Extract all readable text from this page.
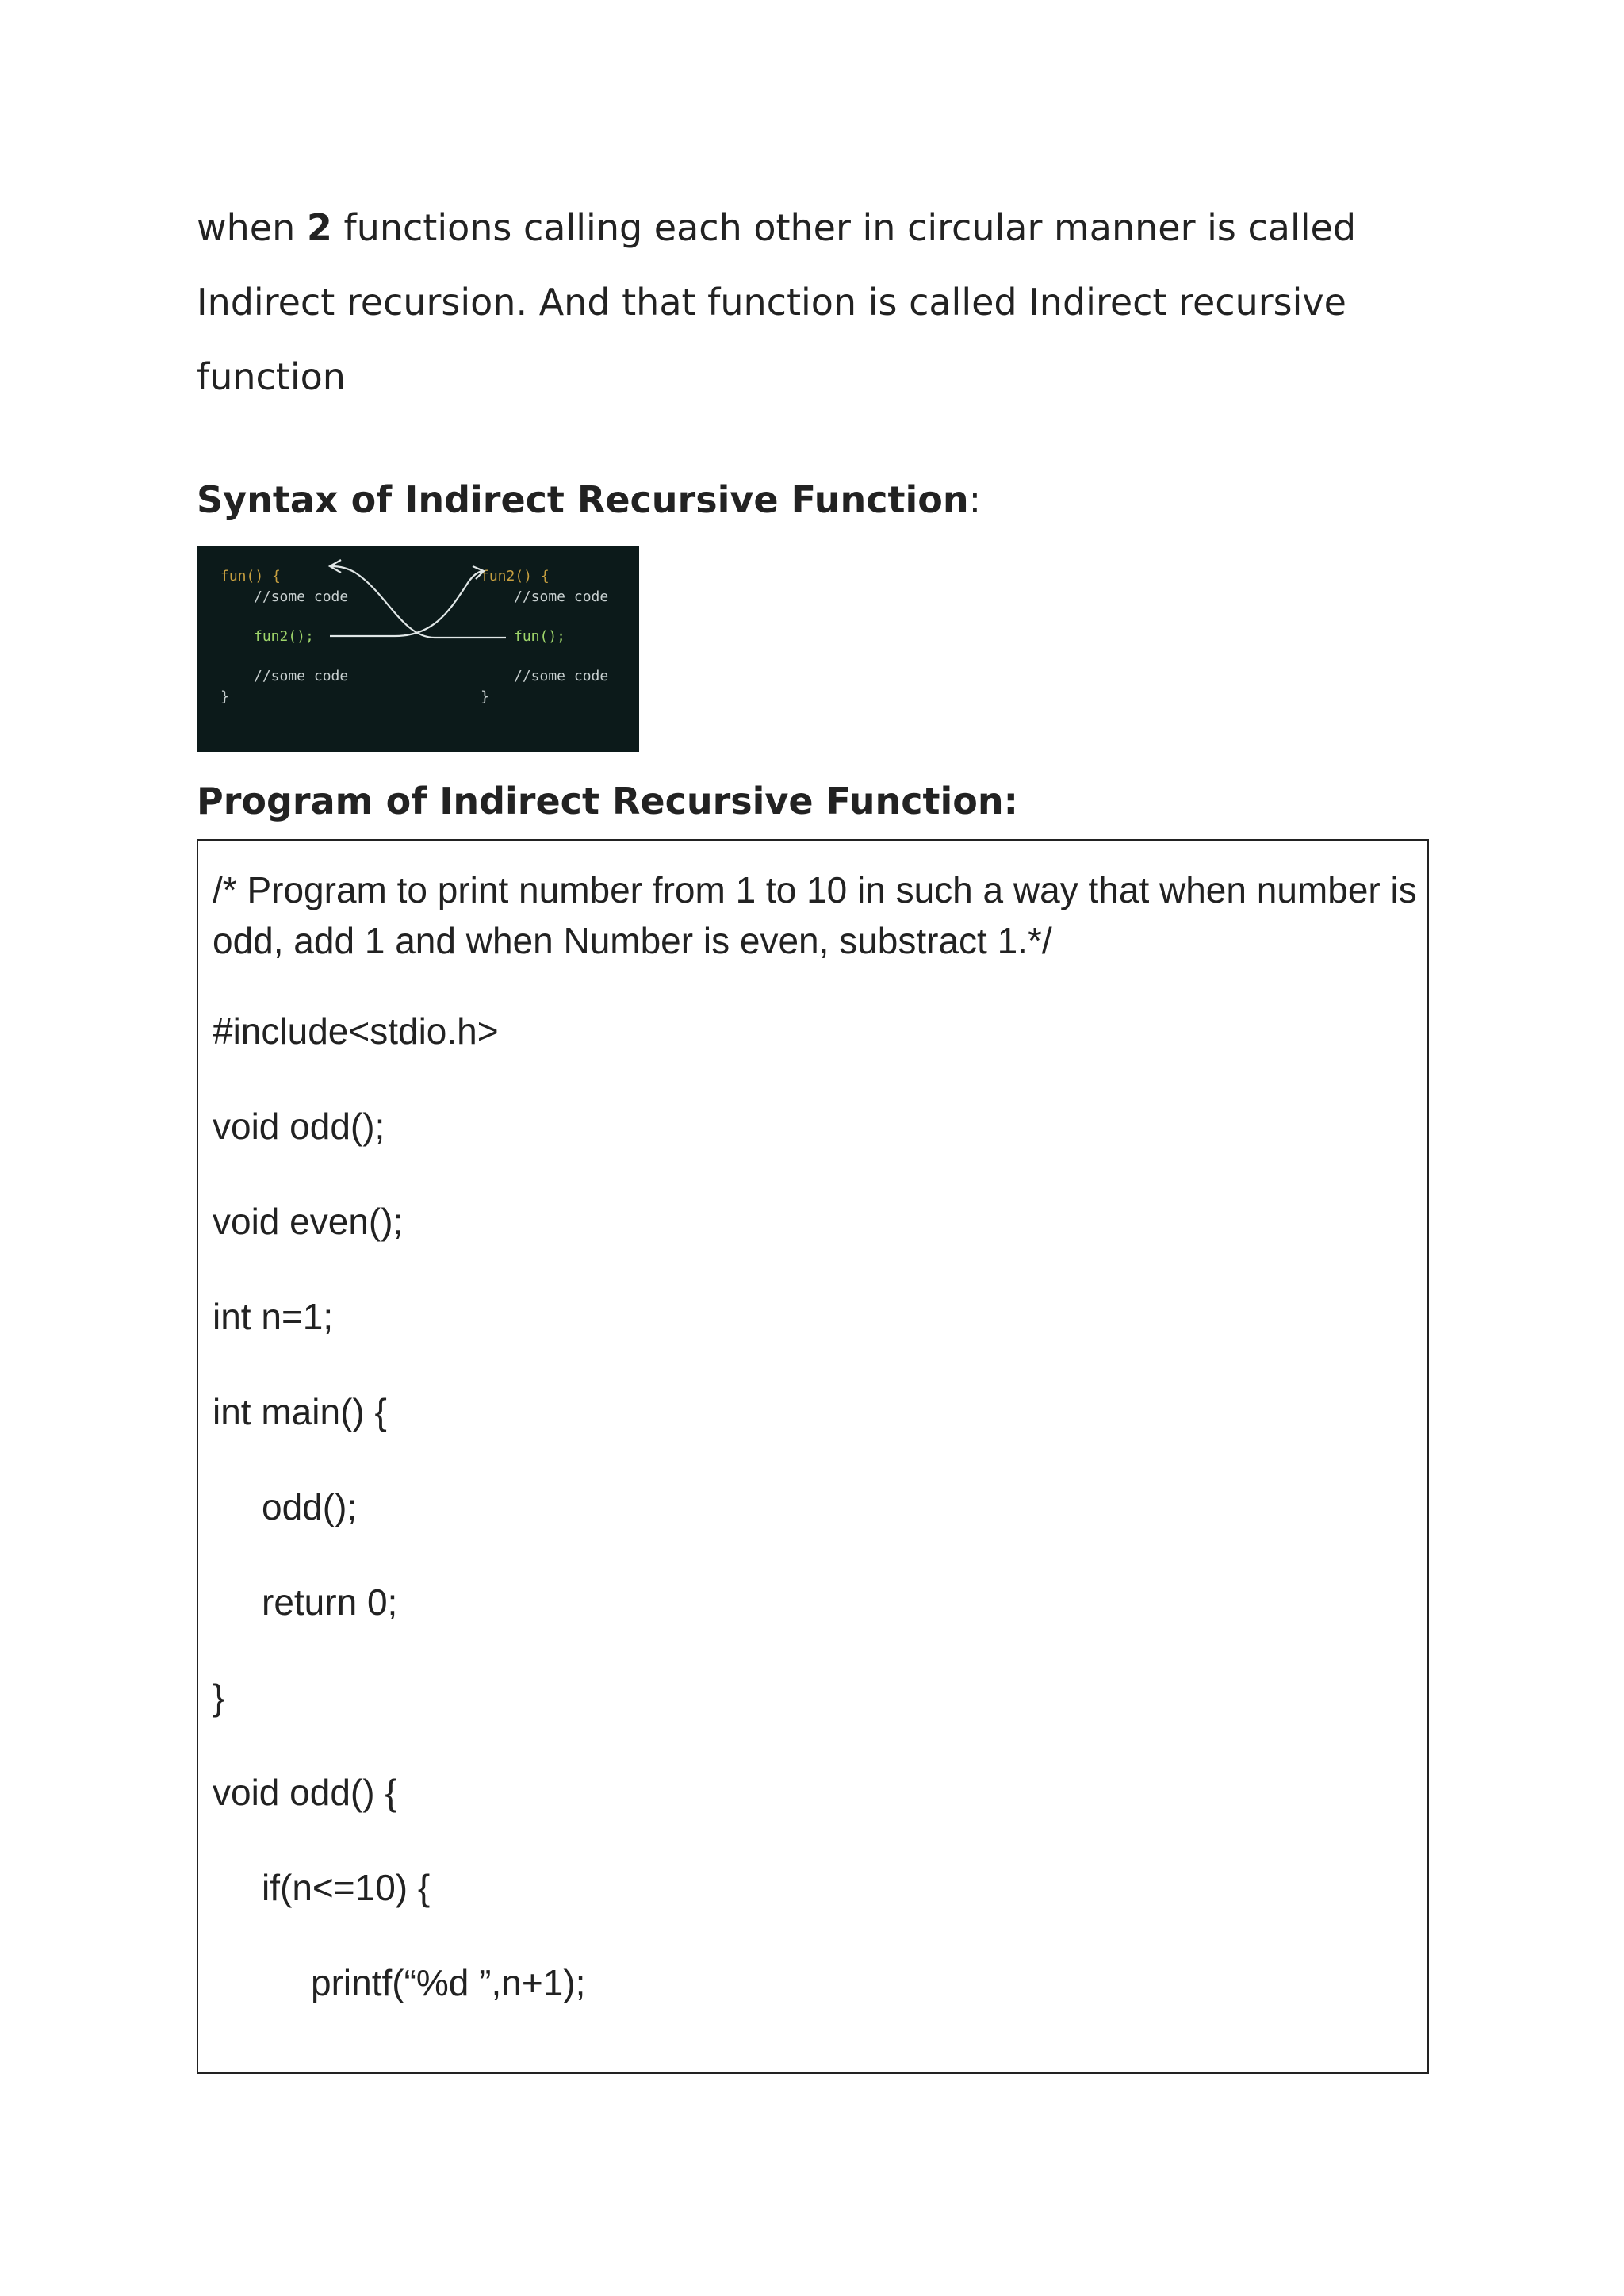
when 2 functions calling each other in circular manner is called Indirect recursion. And that function is called Indirect recursive function

Syntax of Indirect Recursive Function:
fun() {
//some code
fun2();
//some code
}
fun2() {
//some code
fun();
//some code
}
Program of Indirect Recursive Function:

/* Program to print number from 1 to 10 in such a way that when number is odd, add 1 and when Number is even, substract 1.*/

#include<stdio.h>

void odd();

void even();

int n=1;

int main() {

odd();

return 0;

}

void odd() {

if(n<=10) {

printf(“%d ”,n+1);
